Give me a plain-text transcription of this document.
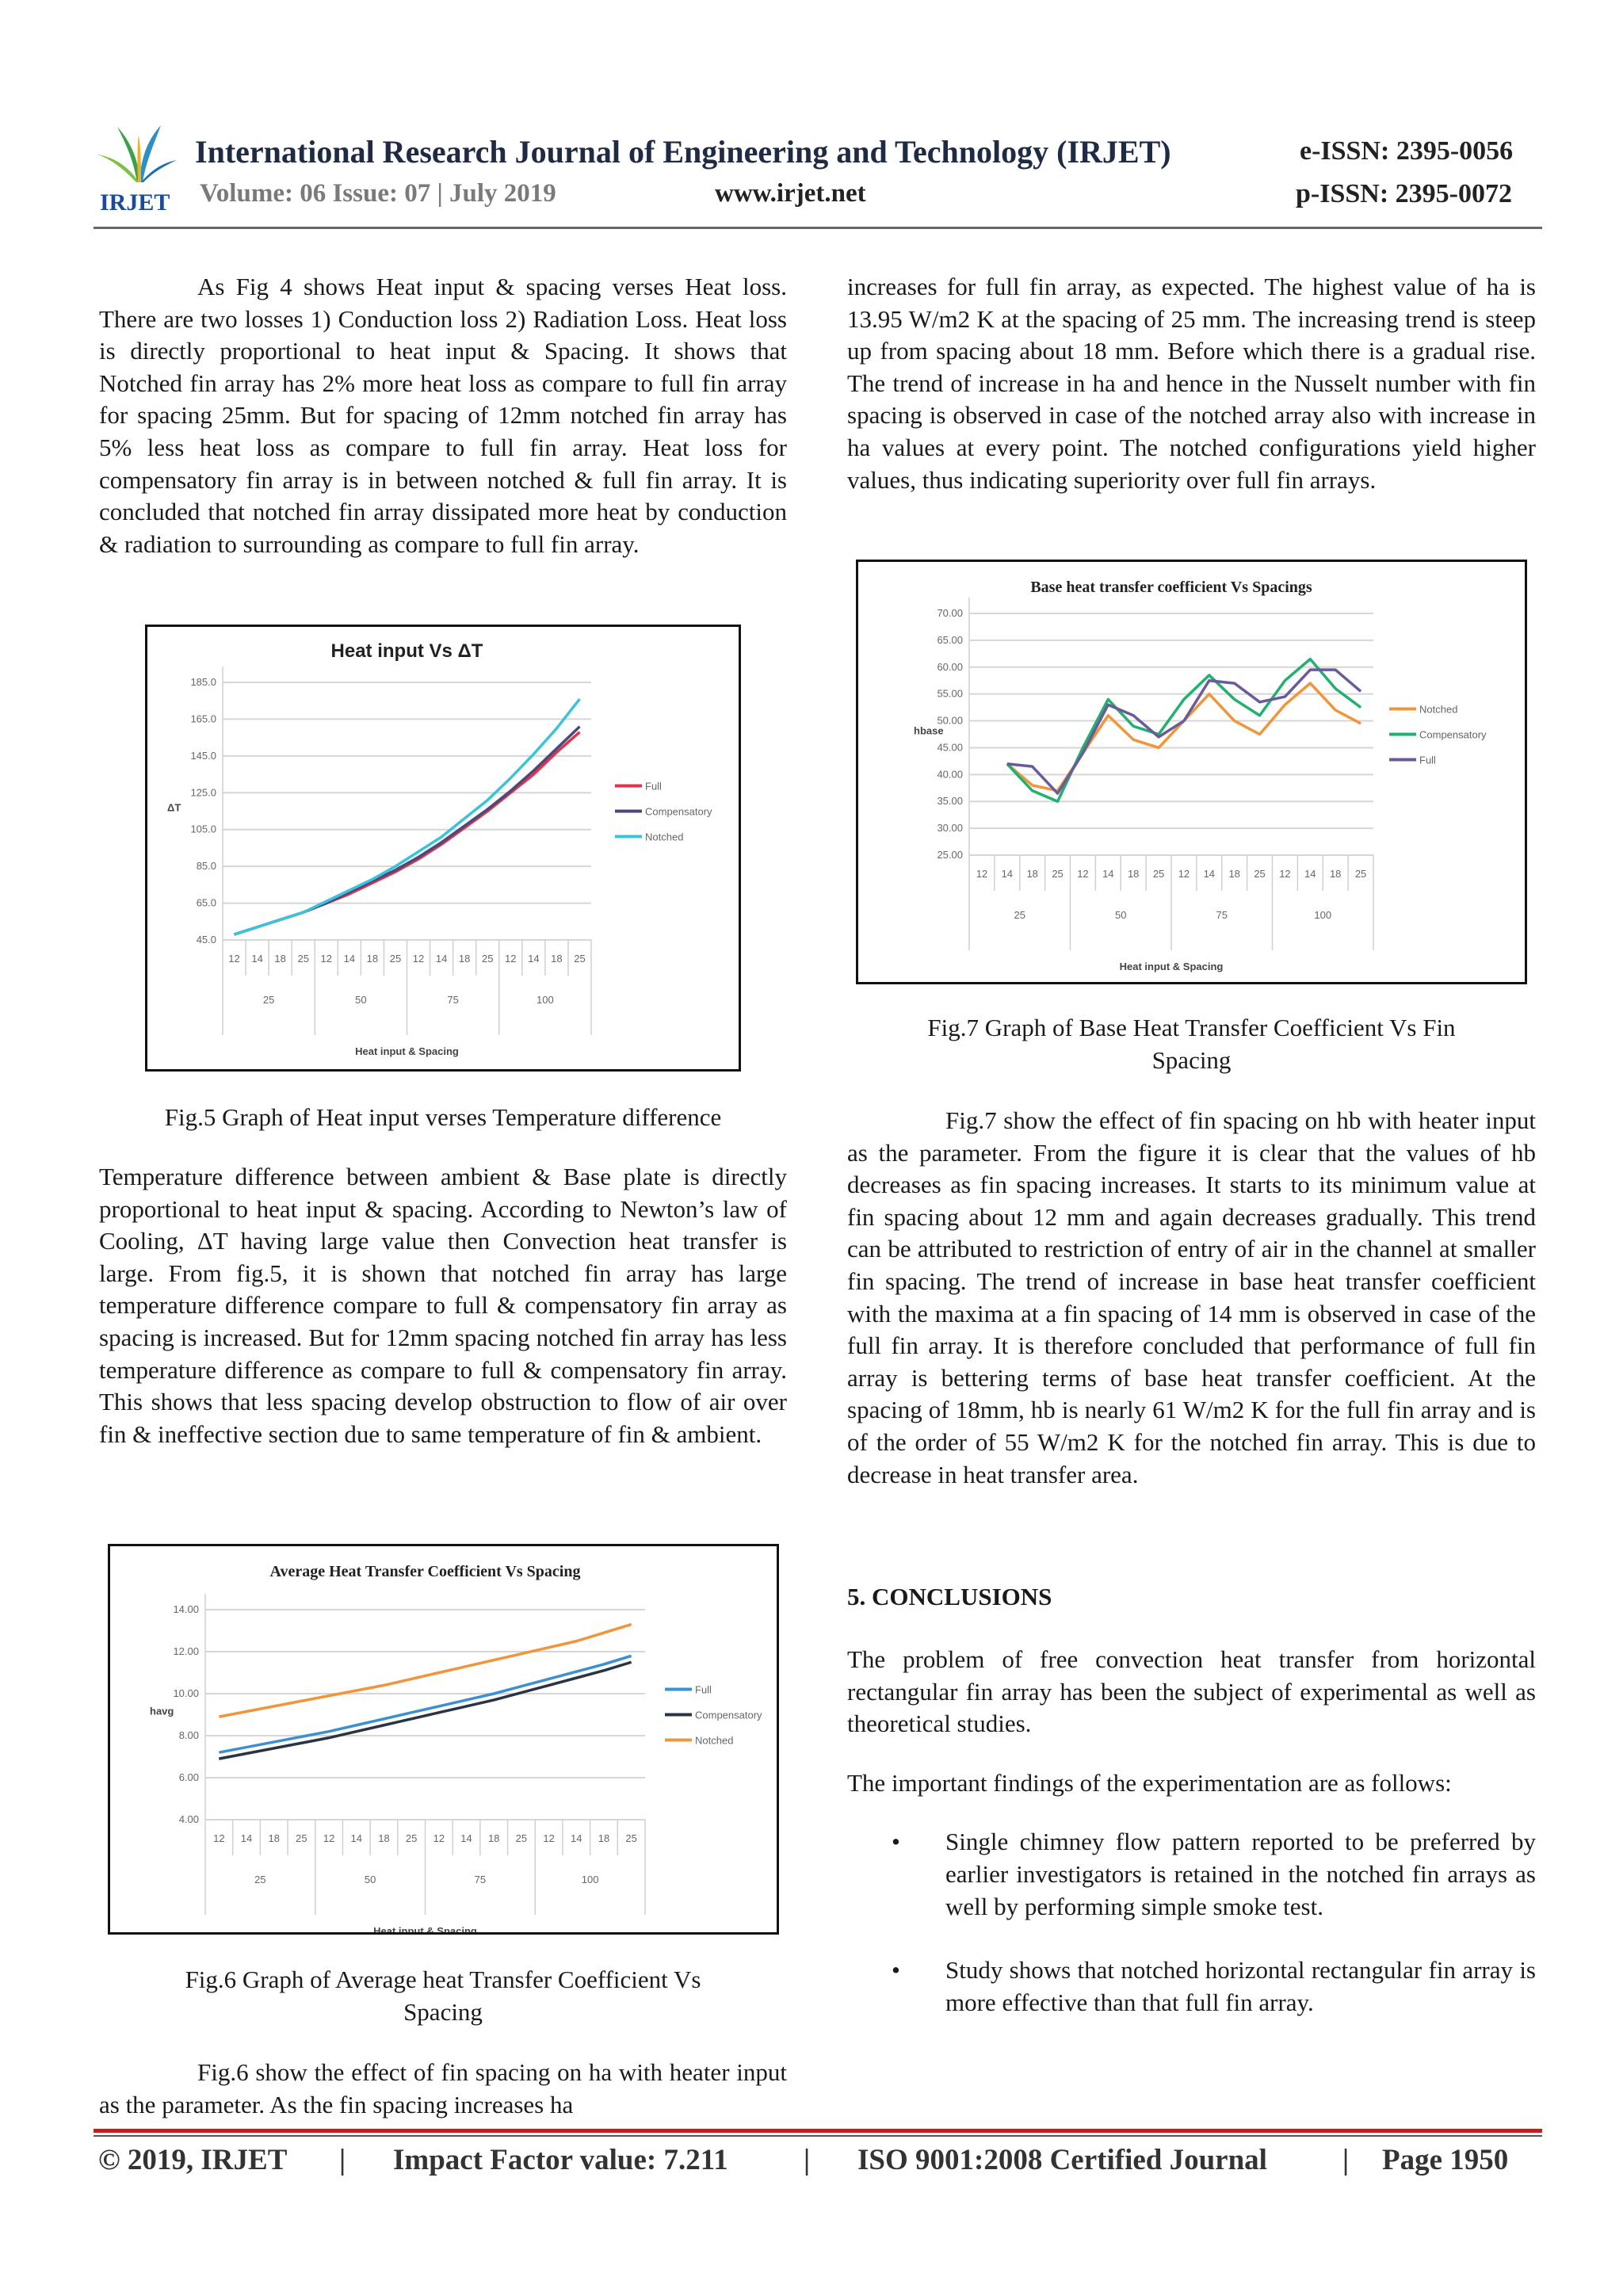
IRJET
International Research Journal of Engineering and Technology (IRJET)
Volume: 06 Issue: 07 | July 2019	www.irjet.net
e-ISSN: 2395-0056
p-ISSN: 2395-0072

As Fig 4 shows Heat input & spacing verses Heat loss. There are two losses 1) Conduction loss 2) Radiation Loss. Heat loss is directly proportional to heat input & Spacing. It shows that Notched fin array has 2% more heat loss as compare to full fin array for spacing 25mm. But for spacing of 12mm notched fin array has 5% less heat loss as compare to full fin array. Heat loss for compensatory fin array is in between notched & full fin array. It is concluded that notched fin array dissipated more heat by conduction & radiation to surrounding as compare to full fin array.

Heat input Vs ΔT
45.0
65.0
85.0
105.0
125.0
145.0
165.0
185.0
ΔT
12 14 18 25 12 14 18 25 12 14 18 25 12 14 18 25
25	50	75	100
Heat input & Spacing
Full
Compensatory
Notched
Fig.5 Graph of Heat input verses Temperature difference

Temperature difference between ambient & Base plate is directly proportional to heat input & spacing. According to Newton’s law of Cooling, ΔT having large value then Convection heat transfer is large. From fig.5, it is shown that notched fin array has large temperature difference compare to full & compensatory fin array as spacing is increased. But for 12mm spacing notched fin array has less temperature difference as compare to full & compensatory fin array. This shows that less spacing develop obstruction to flow of air over fin & ineffective section due to same temperature of fin & ambient.

Average Heat Transfer Coefficient Vs Spacing
4.00
6.00
8.00
10.00
12.00
14.00
havg
12 14 18 25 12 14 18 25 12 14 18 25 12 14 18 25
25	50	75	100
Heat input & Spacing
Full
Compensatory
Notched
Fig.6 Graph of Average heat Transfer Coefficient Vs
Spacing

Fig.6 show the effect of fin spacing on ha with heater input as the parameter. As the fin spacing increases ha

increases for full fin array, as expected. The highest value of ha is 13.95 W/m2 K at the spacing of 25 mm. The increasing trend is steep up from spacing about 18 mm. Before which there is a gradual rise. The trend of increase in ha and hence in the Nusselt number with fin spacing is observed in case of the notched array also with increase in ha values at every point. The notched configurations yield higher values, thus indicating superiority over full fin arrays.

Base heat transfer coefficient Vs Spacings
25.00
30.00
35.00
40.00
45.00
50.00
55.00
60.00
65.00
70.00
hbase
12 14 18 25 12 14 18 25 12 14 18 25 12 14 18 25
25	50	75	100
Heat input & Spacing
Notched
Compensatory
Full
Fig.7 Graph of Base Heat Transfer Coefficient Vs Fin
Spacing

Fig.7 show the effect of fin spacing on hb with heater input as the parameter. From the figure it is clear that the values of hb decreases as fin spacing increases. It starts to its minimum value at fin spacing about 12 mm and again decreases gradually. This trend can be attributed to restriction of entry of air in the channel at smaller fin spacing. The trend of increase in base heat transfer coefficient with the maxima at a fin spacing of 14 mm is observed in case of the full fin array. It is therefore concluded that performance of full fin array is bettering terms of base heat transfer coefficient. At the spacing of 18mm, hb is nearly 61 W/m2 K for the full fin array and is of the order of 55 W/m2 K for the notched fin array. This is due to decrease in heat transfer area.

5. CONCLUSIONS

The problem of free convection heat transfer from horizontal rectangular fin array has been the subject of experimental as well as theoretical studies.

The important findings of the experimentation are as follows:

• Single chimney flow pattern reported to be preferred by earlier investigators is retained in the notched fin arrays as well by performing simple smoke test.
• Study shows that notched horizontal rectangular fin array is more effective than that full fin array.
© 2019, IRJET | Impact Factor value: 7.211	| ISO 9001:2008 Certified Journal	| Page 1950
